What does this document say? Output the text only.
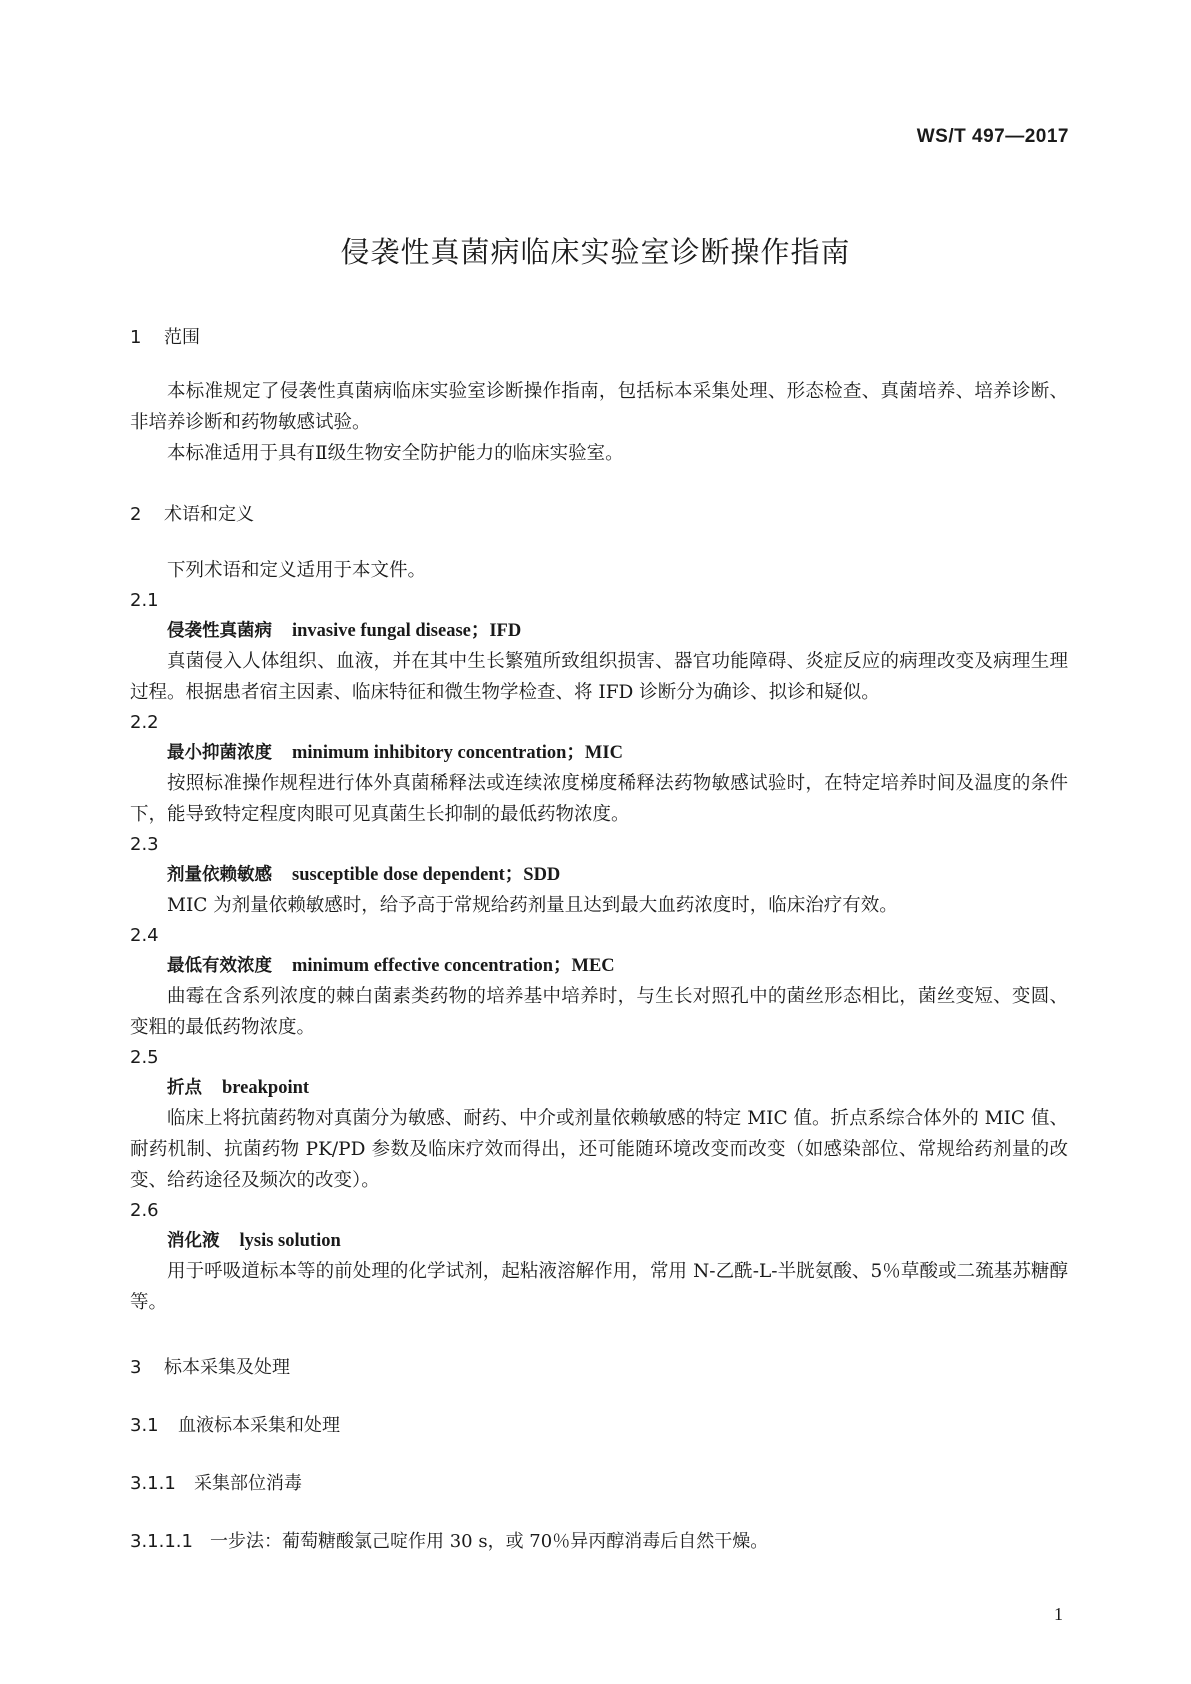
WS/T 497—2017
侵袭性真菌病临床实验室诊断操作指南
1 范围

本标准规定了侵袭性真菌病临床实验室诊断操作指南，包括标本采集处理、形态检查、真菌培养、培养诊断、非培养诊断和药物敏感试验。

本标准适用于具有Ⅱ级生物安全防护能力的临床实验室。

2 术语和定义

下列术语和定义适用于本文件。

2.1
侵袭性真菌病 invasive fungal disease；IFD

真菌侵入人体组织、血液，并在其中生长繁殖所致组织损害、器官功能障碍、炎症反应的病理改变及病理生理过程。根据患者宿主因素、临床特征和微生物学检查、将 IFD 诊断分为确诊、拟诊和疑似。

2.2
最小抑菌浓度 minimum inhibitory concentration；MIC

按照标准操作规程进行体外真菌稀释法或连续浓度梯度稀释法药物敏感试验时，在特定培养时间及温度的条件下，能导致特定程度肉眼可见真菌生长抑制的最低药物浓度。

2.3
剂量依赖敏感 susceptible dose dependent；SDD

MIC 为剂量依赖敏感时，给予高于常规给药剂量且达到最大血药浓度时，临床治疗有效。

2.4
最低有效浓度 minimum effective concentration；MEC

曲霉在含系列浓度的棘白菌素类药物的培养基中培养时，与生长对照孔中的菌丝形态相比，菌丝变短、变圆、变粗的最低药物浓度。

2.5
折点 breakpoint

临床上将抗菌药物对真菌分为敏感、耐药、中介或剂量依赖敏感的特定 MIC 值。折点系综合体外的 MIC 值、耐药机制、抗菌药物 PK/PD 参数及临床疗效而得出，还可能随环境改变而改变（如感染部位、常规给药剂量的改变、给药途径及频次的改变）。

2.6
消化液 lysis solution

用于呼吸道标本等的前处理的化学试剂，起粘液溶解作用，常用 N-乙酰-L-半胱氨酸、5％草酸或二巯基苏糖醇等。

3 标本采集及处理
3.1 血液标本采集和处理
3.1.1 采集部位消毒
3.1.1.1 一步法：葡萄糖酸氯己啶作用 30 s，或 70％异丙醇消毒后自然干燥。
1
